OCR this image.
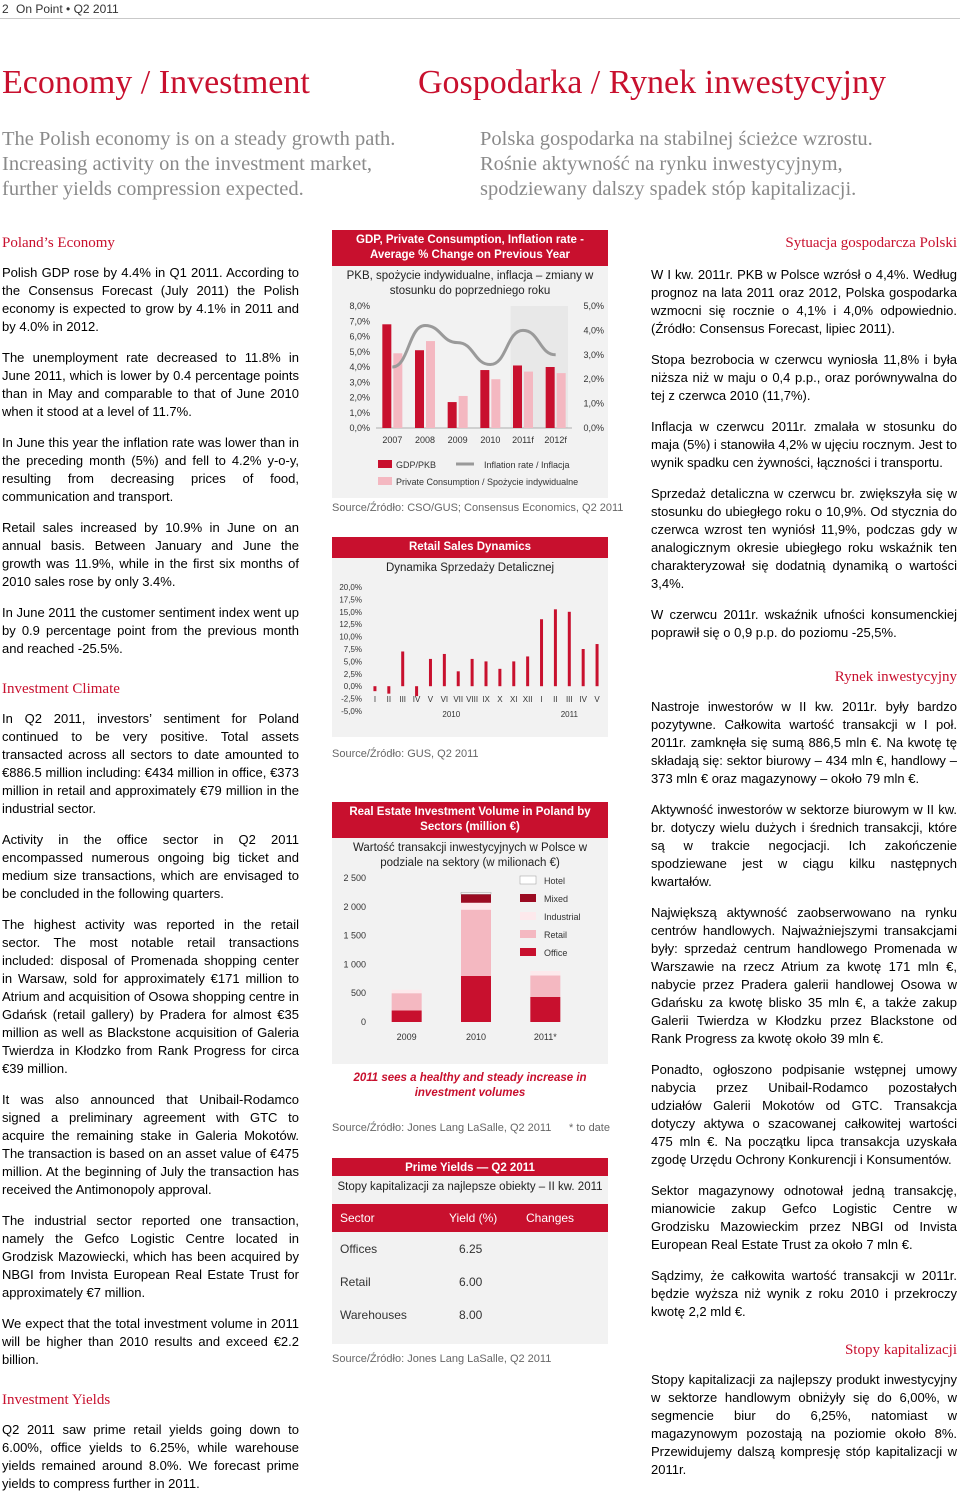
2 On Point • Q2 2011
Economy / Investment	Gospodarka / Rynek inwestycyjny
The Polish economy is on a steady growth path.
Increasing activity on the investment market,
further yields compression expected.
Polska gospodarka na stabilnej ścieżce wzrostu.
Rośnie aktywność na rynku inwestycyjnym,
spodziewany dalszy spadek stóp kapitalizacji.
Poland’s Economy

Polish GDP rose by 4.4% in Q1 2011. According to the Consensus Forecast (July 2011) the Polish economy is expected to grow by 4.1% in 2011 and by 4.0% in 2012.

The unemployment rate decreased to 11.8% in June 2011, which is lower by 0.4 percentage points than in May and comparable to that of June 2010 when it stood at a level of 11.7%.

In June this year the inflation rate was lower than in the preceding month (5%) and fell to 4.2% y-o-y, resulting from decreasing prices of food, communication and transport.

Retail sales increased by 10.9% in June on an annual basis. Between January and June the growth was 11.9%, while in the first six months of 2010 sales rose by only 3.4%.

In June 2011 the customer sentiment index went up by 0.9 percentage point from the previous month and reached -25.5%.

Investment Climate

In Q2 2011, investors’ sentiment for Poland continued to be very positive. Total assets transacted across all sectors to date amounted to €886.5 million including: €434 million in office, €373 million in retail and approximately €79 million in the industrial sector.

Activity in the office sector in Q2 2011 encompassed numerous ongoing big ticket and medium size transactions, which are envisaged to be concluded in the following quarters.

The highest activity was reported in the retail sector. The most notable retail transactions included: disposal of Promenada shopping center in Warsaw, sold for approximately €171 million to Atrium and acquisition of Osowa shopping centre in Gdańsk (retail gallery) by Pradera for almost €35 million as well as Blackstone acquisition of Galeria Twierdza in Kłodzko from Rank Progress for circa €39 million.

It was also announced that Unibail-Rodamco signed a preliminary agreement with GTC to acquire the remaining stake in Galeria Mokotów. The transaction is based on an asset value of €475 million. At the beginning of July the transaction has received the Antimonopoly approval.

The industrial sector reported one transaction, namely the Gefco Logistic Centre located in Grodzisk Mazowiecki, which has been acquired by NBGI from Invista European Real Estate Trust for approximately €7 million.

We expect that the total investment volume in 2011 will be higher than 2010 results and exceed €2.2 billion.

Investment Yields

Q2 2011 saw prime retail yields going down to 6.00%, office yields to 6.25%, while warehouse yields remained around 8.0%. We forecast prime yields to compress further in 2011.

Sytuacja gospodarcza Polski

W I kw. 2011r. PKB w Polsce wzrósł o 4,4%. Według prognoz na lata 2011 oraz 2012, Polska gospodarka wzmocni się rocznie o 4,1% i 4,0% odpowiednio. (Źródło: Consensus Forecast, lipiec 2011).

Stopa bezrobocia w czerwcu wyniosła 11,8% i była niższa niż w maju o 0,4 p.p., oraz porównywalna do tej z czerwca 2010 (11,7%).

Inflacja w czerwcu 2011r. zmalała w stosunku do maja (5%) i stanowiła 4,2% w ujęciu rocznym. Jest to wynik spadku cen żywności, łączności i transportu.

Sprzedaż detaliczna w czerwcu br. zwiększyła się w stosunku do ubiegłego roku o 10,9%. Od stycznia do czerwca wzrost ten wyniósł 11,9%, podczas gdy w analogicznym okresie ubiegłego roku wskaźnik ten charakteryzował się dodatnią dynamiką o wartości 3,4%.

W czerwcu 2011r. wskaźnik ufności konsumenckiej poprawił się o 0,9 p.p. do poziomu -25,5%.

Rynek inwestycyjny

Nastroje inwestorów w II kw. 2011r. były bardzo pozytywne. Całkowita wartość transakcji w I poł. 2011r. zamknęła się sumą 886,5 mln €. Na kwotę tę składają się: sektor biurowy – 434 mln €, handlowy – 373 mln € oraz magazynowy – około 79 mln €.

Aktywność inwestorów w sektorze biurowym w II kw. br. dotyczy wielu dużych i średnich transakcji, które są w trakcie negocjacji. Ich zakończenie spodziewane jest w ciągu kilku następnych kwartałów.

Największą aktywność zaobserwowano na rynku centrów handlowych. Najważniejszymi transakcjami były: sprzedaż centrum handlowego Promenada w Warszawie na rzecz Atrium za kwotę 171 mln €, nabycie przez Pradera galerii handlowej Osowa w Gdańsku za kwotę blisko 35 mln €, a także zakup Galerii Twierdza w Kłodzku przez Blackstone od Rank Progress za kwotę około 39 mln €.

Ponadto, ogłoszono podpisanie wstępnej umowy nabycia przez Unibail-Rodamco pozostałych udziałów Galerii Mokotów od GTC. Transakcja dotyczy aktywa o szacowanej całkowitej wartości 475 mln €. Na początku lipca transakcja uzyskała zgodę Urzędu Ochrony Konkurencji i Konsumentów.

Sektor magazynowy odnotował jedną transakcję, mianowicie zakup Gefco Logistic Centre w Grodzisku Mazowieckim przez NBGI od Invista European Real Estate Trust za około 7 mln €.

Sądzimy, że całkowita wartość transakcji w 2011r. będzie wyższa niż wynik z roku 2010 i przekroczy kwotę 2,2 mld €.

Stopy kapitalizacji

Stopy kapitalizacji za najlepszy produkt inwestycyjny w sektorze handlowym obniżyły się do 6,00%, w segmencie biur do 6,25%, natomiast w magazynowym pozostają na poziomie około 8%. Przewidujemy dalszą kompresję stóp kapitalizacji w 2011r.

GDP, Private Consumption, Inflation rate -
Average % Change on Previous Year
PKB, spożycie indywidualne, inflacja – zmiany w stosunku do poprzedniego roku
8,0%
7,0%
6,0%
5,0%
4,0%
3,0%
2,0%
1,0%
0,0%
5,0%
4,0%
3,0%
2,0%
1,0%
0,0%
2007 2008 2009 2010 2011f 2012f
GDP/PKB	Inflation rate / Inflacja
Private Consumption / Spożycie indywidualne
Source/Źródło: CSO/GUS; Consensus Economics, Q2 2011
Retail Sales Dynamics
Dynamika Sprzedaży Detalicznej
20,0%
17,5%
15,0%
12,5%
10,0%
7,5%
5,0%
2,5%
0,0%
-2,5%
-5,0%
I II III IV V VI VII VIII IX X XI XII I II III IV V
2010	2011
Source/Źródło: GUS, Q2 2011
Real Estate Investment Volume in Poland by Sectors (million €)
Wartość transakcji inwestycyjnych w Polsce w podziale na sektory (w milionach €)
2 500
2 000
1 500
1 000
500
0
2009	2010	2011*
Hotel
Mixed
Industrial
Retail
Office
2011 sees a healthy and steady increase in investment volumes
Source/Źródło: Jones Lang LaSalle, Q2 2011 * to date
Prime Yields — Q2 2011
Stopy kapitalizacji za najlepsze obiekty – II kw. 2011
Sector	Yield (%) Changes
Offices	6.25
Retail	6.00
Warehouses	8.00
Source/Źródło: Jones Lang LaSalle, Q2 2011
